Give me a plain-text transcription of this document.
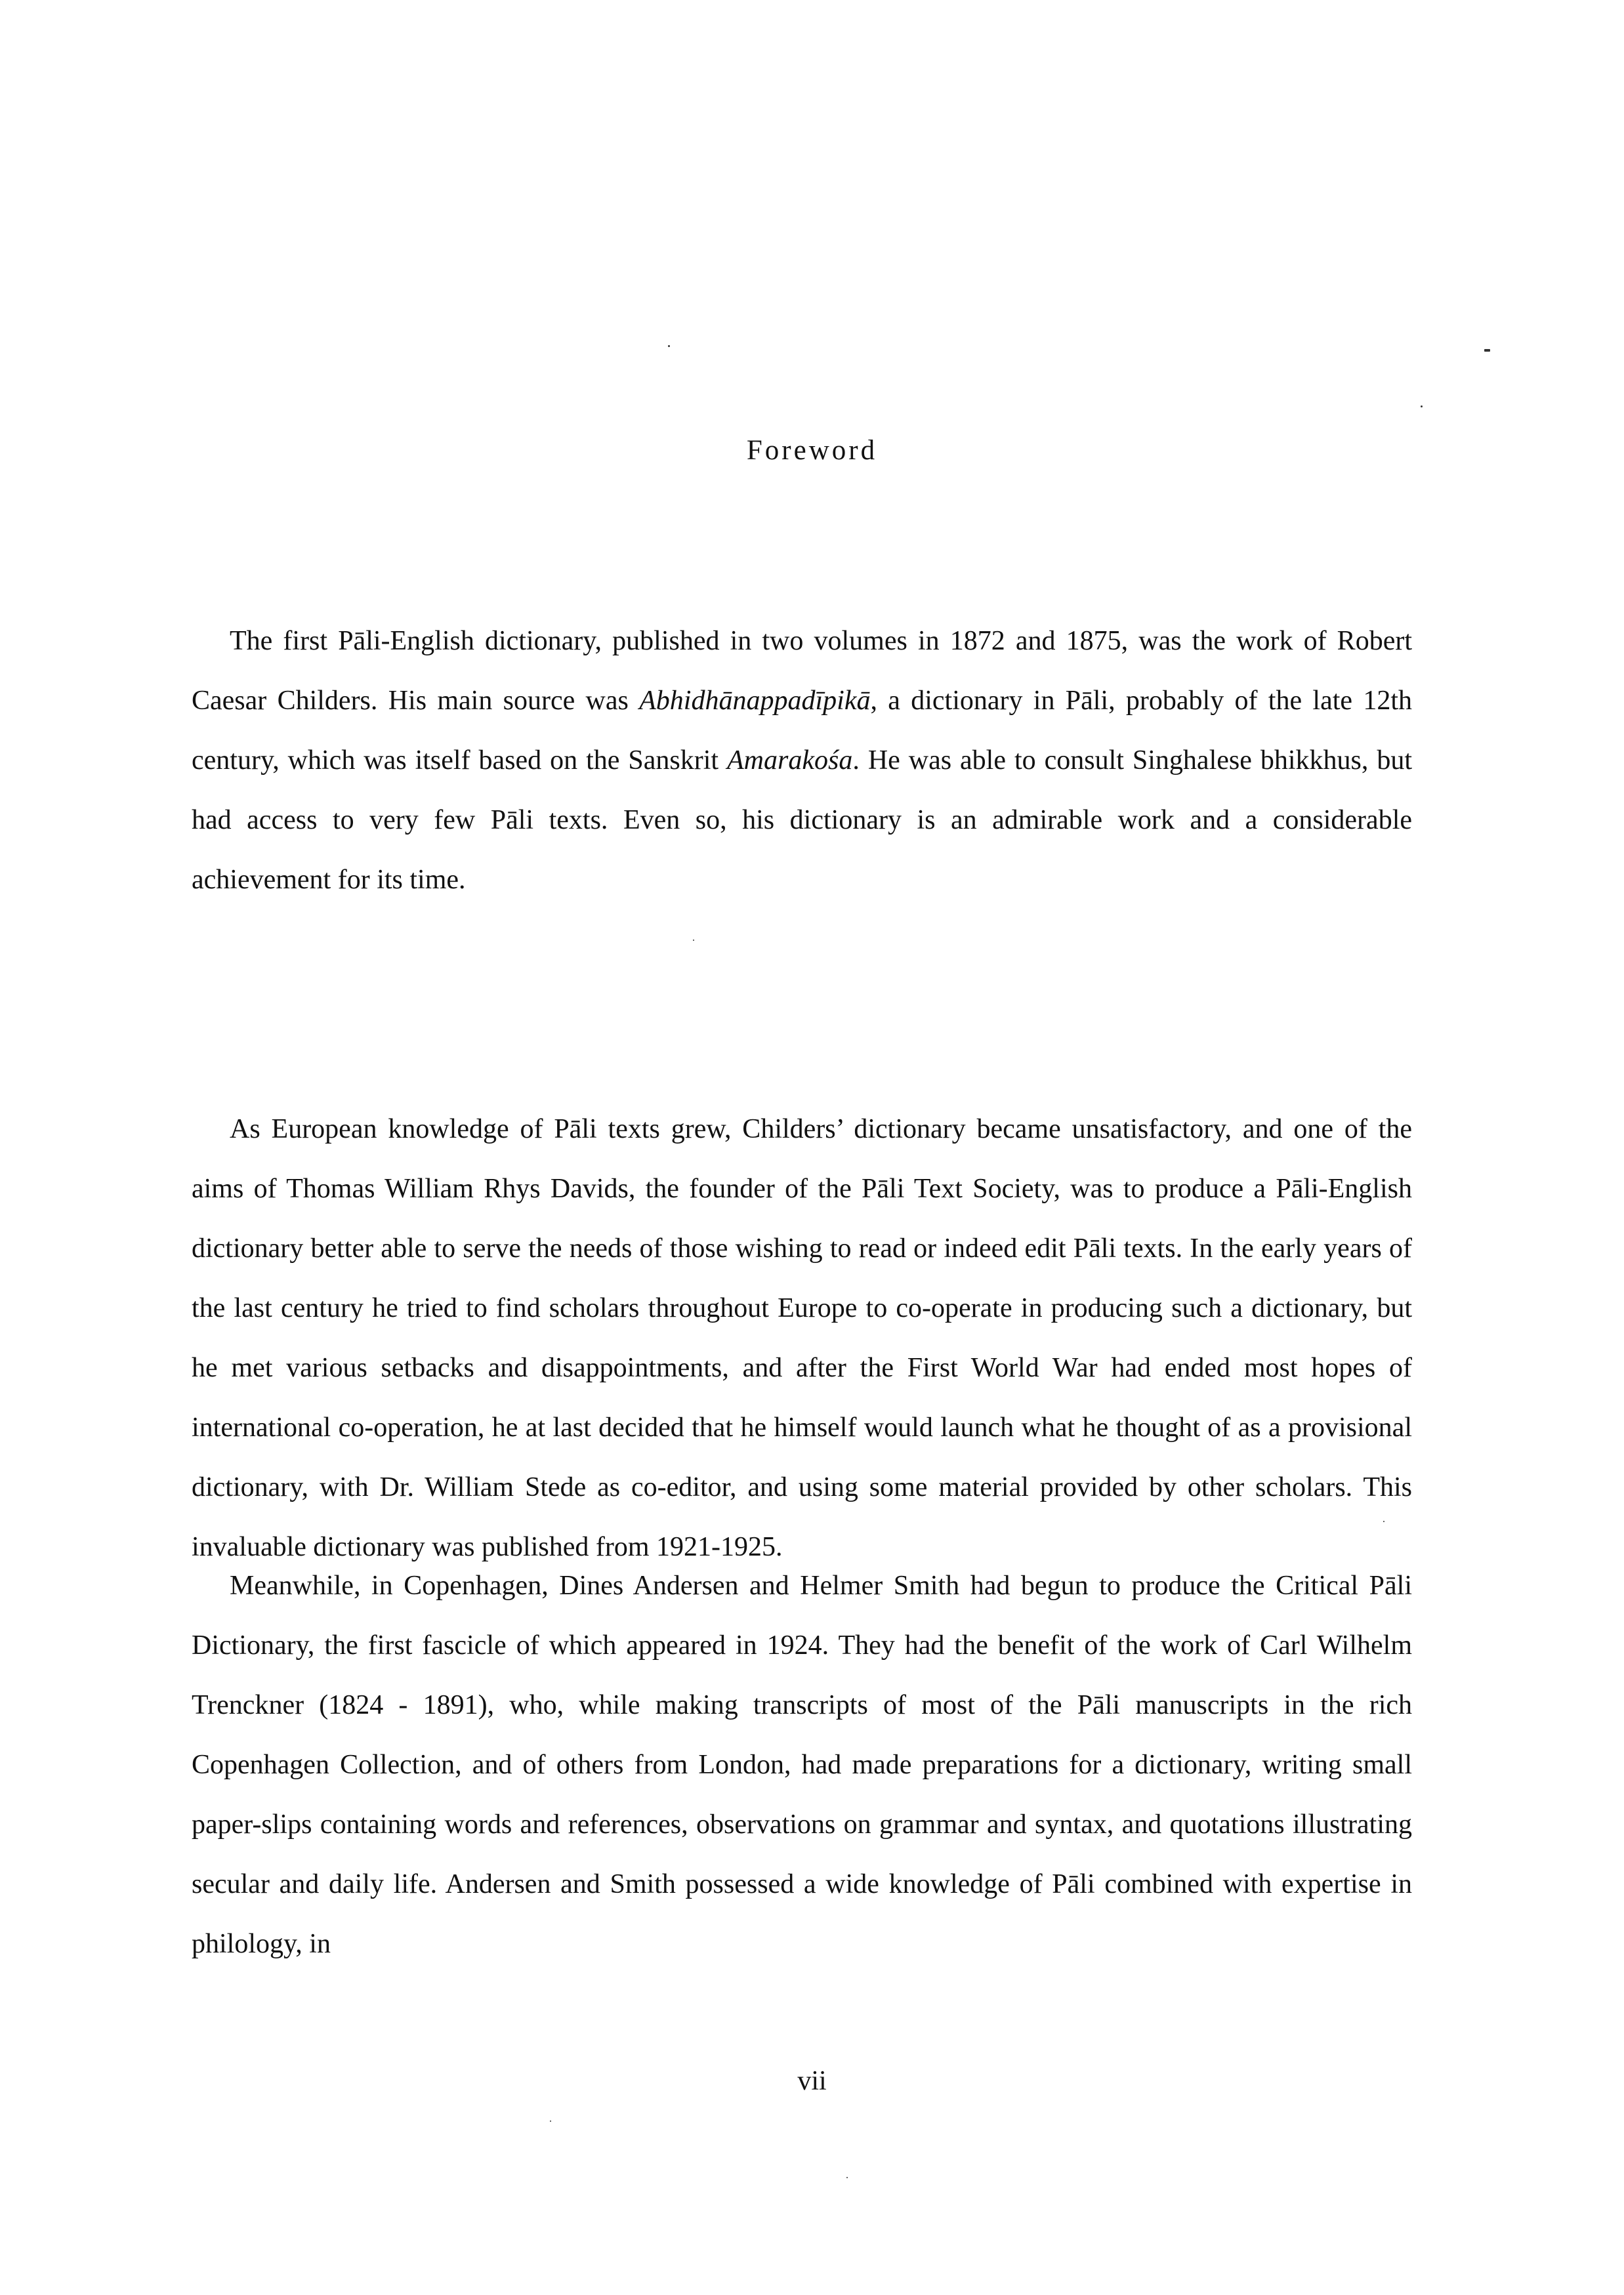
Foreword

The first Pāli-English dictionary, published in two volumes in 1872 and 1875, was the work of Robert Caesar Childers. His main source was Abhidhānappadīpikā, a dictionary in Pāli, probably of the late 12th century, which was itself based on the Sanskrit Amarakośa. He was able to consult Singhalese bhikkhus, but had access to very few Pāli texts. Even so, his dictionary is an admirable work and a considerable achievement for its time.

As European knowledge of Pāli texts grew, Childers’ dictionary became unsatisfactory, and one of the aims of Thomas William Rhys Davids, the founder of the Pāli Text Society, was to produce a Pāli-English dictionary better able to serve the needs of those wishing to read or indeed edit Pāli texts. In the early years of the last century he tried to find scholars throughout Europe to co-operate in producing such a dictionary, but he met various setbacks and disappointments, and after the First World War had ended most hopes of international co-operation, he at last decided that he himself would launch what he thought of as a provisional dictionary, with Dr. William Stede as co-editor, and using some material provided by other scholars. This invaluable dictionary was published from 1921-1925.

Meanwhile, in Copenhagen, Dines Andersen and Helmer Smith had begun to produce the Critical Pāli Dictionary, the first fascicle of which appeared in 1924. They had the benefit of the work of Carl Wilhelm Trenckner (1824 - 1891), who, while making transcripts of most of the Pāli manuscripts in the rich Copenhagen Collection, and of others from London, had made preparations for a dictionary, writing small paper-slips containing words and references, observations on grammar and syntax, and quotations illustrating secular and daily life. Andersen and Smith possessed a wide knowledge of Pāli combined with expertise in philology, in

vii
